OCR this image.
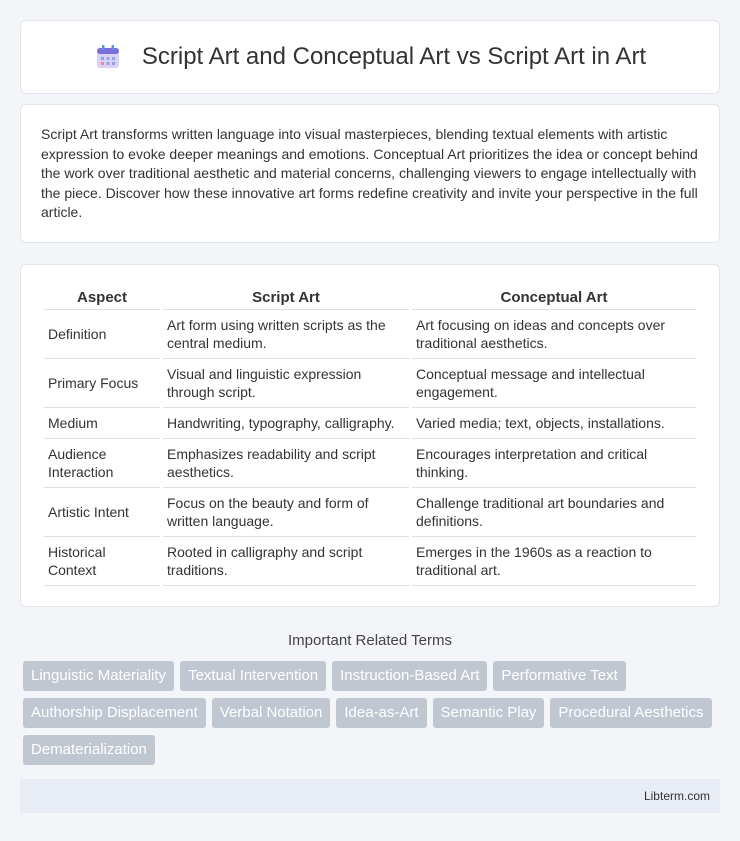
Script Art and Conceptual Art vs Script Art in Art

Script Art transforms written language into visual masterpieces, blending textual elements with artistic expression to evoke deeper meanings and emotions. Conceptual Art prioritizes the idea or concept behind the work over traditional aesthetic and material concerns, challenging viewers to engage intellectually with the piece. Discover how these innovative art forms redefine creativity and invite your perspective in the full article.

Aspect	Script Art	Conceptual Art
Definition	Art form using written scripts as the central medium.	Art focusing on ideas and concepts over traditional aesthetics.
Primary Focus	Visual and linguistic expression through script.	Conceptual message and intellectual engagement.
Medium	Handwriting, typography, calligraphy.	Varied media; text, objects, installations.
Audience Interaction	Emphasizes readability and script aesthetics.	Encourages interpretation and critical thinking.
Artistic Intent	Focus on the beauty and form of written language.	Challenge traditional art boundaries and definitions.
Historical Context	Rooted in calligraphy and script traditions.	Emerges in the 1960s as a reaction to traditional art.
Important Related Terms
Linguistic Materiality	Textual Intervention	Instruction-Based Art	Performative Text
Authorship Displacement	Verbal Notation	Idea-as-Art	Semantic Play	Procedural Aesthetics
Dematerialization
Libterm.com
